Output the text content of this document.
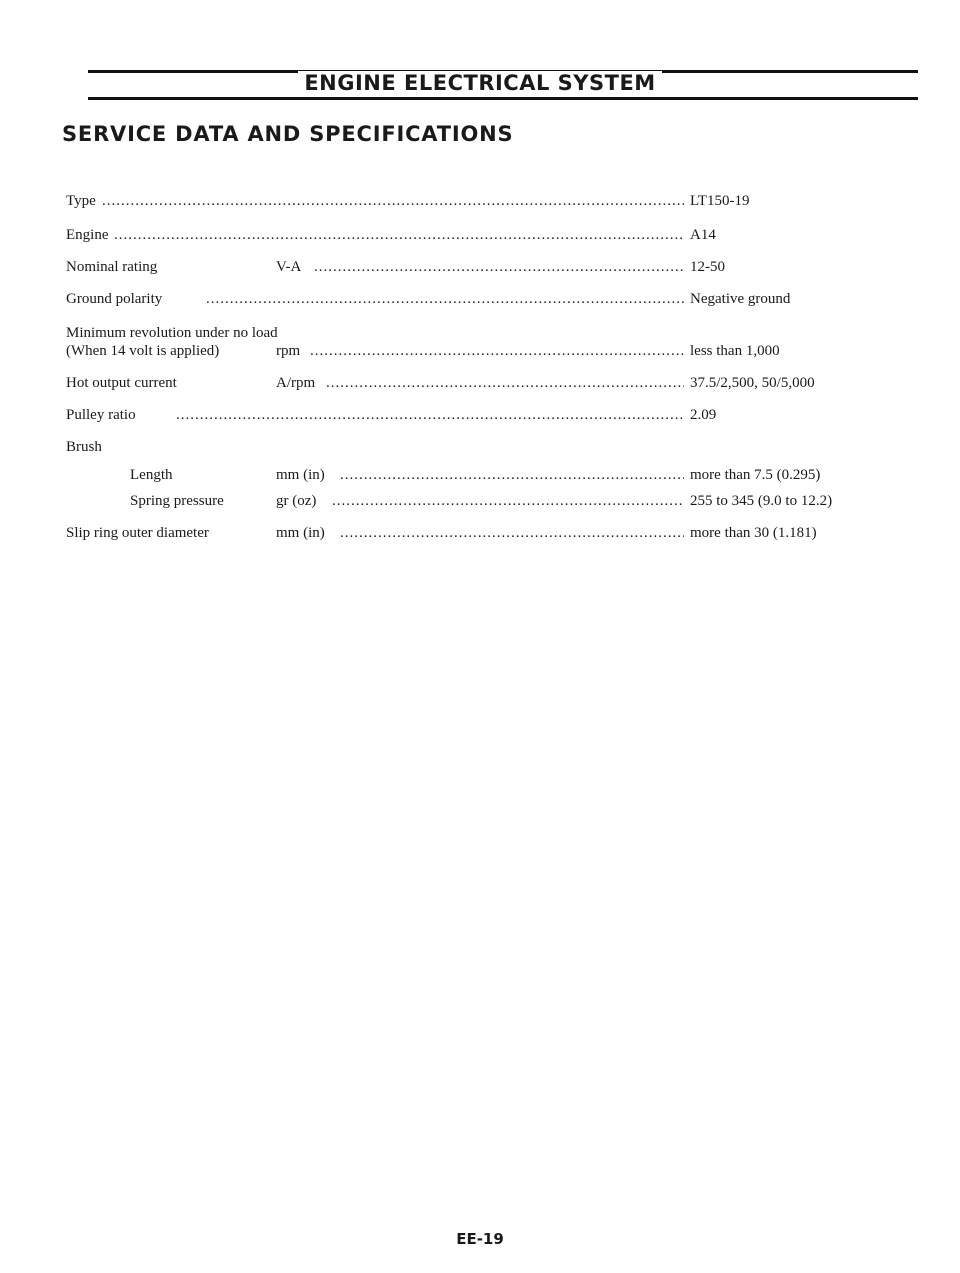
ENGINE ELECTRICAL SYSTEM
SERVICE DATA AND SPECIFICATIONS
Type .....	LT150-19
Engine .....	A14
Nominal rating	V-A .....	12-50
Ground polarity .....	Negative ground
Minimum revolution under no load
(When 14 volt is applied)	rpm .....	less than 1,000
Hot output current	A/rpm .....	37.5/2,500, 50/5,000
Pulley ratio .....	2.09
Brush
Length	mm (in) .....	more than 7.5 (0.295)
Spring pressure	gr (oz) .....	255 to 345 (9.0 to 12.2)
Slip ring outer diameter	mm (in) .....	more than 30 (1.181)
EE-19
